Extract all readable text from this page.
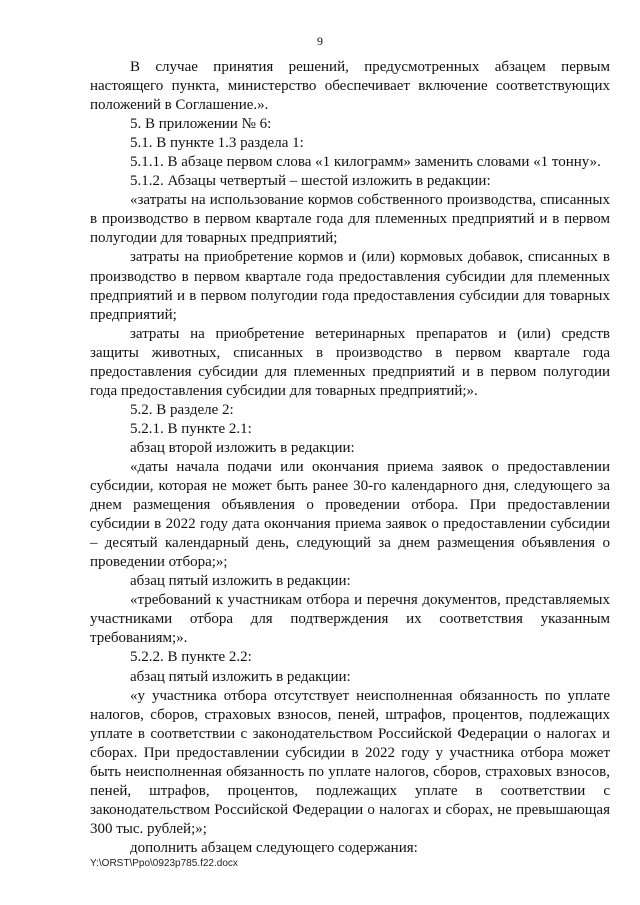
9

В случае принятия решений, предусмотренных абзацем первым настоящего пункта, министерство обеспечивает включение соответствующих положений в Соглашение.».

5. В приложении № 6:

5.1. В пункте 1.3 раздела 1:

5.1.1. В абзаце первом слова «1 килограмм» заменить словами «1 тонну».

5.1.2. Абзацы четвертый – шестой изложить в редакции:

«затраты на использование кормов собственного производства, списанных в производство в первом квартале года для племенных предприятий и в первом полугодии для товарных предприятий;

затраты на приобретение кормов и (или) кормовых добавок, списанных в производство в первом квартале года предоставления субсидии для племенных предприятий и в первом полугодии года предоставления субсидии для товарных предприятий;

затраты на приобретение ветеринарных препаратов и (или) средств защиты животных, списанных в производство в первом квартале года предоставления субсидии для племенных предприятий и в первом полугодии года предоставления субсидии для товарных предприятий;».

5.2. В разделе 2:

5.2.1. В пункте 2.1:

абзац второй изложить в редакции:

«даты начала подачи или окончания приема заявок о предоставлении субсидии, которая не может быть ранее 30-го календарного дня, следующего за днем размещения объявления о проведении отбора. При предоставлении субсидии в 2022 году дата окончания приема заявок о предоставлении субсидии – десятый календарный день, следующий за днем размещения объявления о проведении отбора;»;

абзац пятый изложить в редакции:

«требований к участникам отбора и перечня документов, представляемых участниками отбора для подтверждения их соответствия указанным требованиям;».

5.2.2. В пункте 2.2:

абзац пятый изложить в редакции:

«у участника отбора отсутствует неисполненная обязанность по уплате налогов, сборов, страховых взносов, пеней, штрафов, процентов, подлежащих уплате в соответствии с законодательством Российской Федерации о налогах и сборах. При предоставлении субсидии в 2022 году у участника отбора может быть неисполненная обязанность по уплате налогов, сборов, страховых взносов, пеней, штрафов, процентов, подлежащих уплате в соответствии с законодательством Российской Федерации о налогах и сборах, не превышающая 300 тыс. рублей;»;

дополнить абзацем следующего содержания:

Y:\ORST\Ppo\0923p785.f22.docx
